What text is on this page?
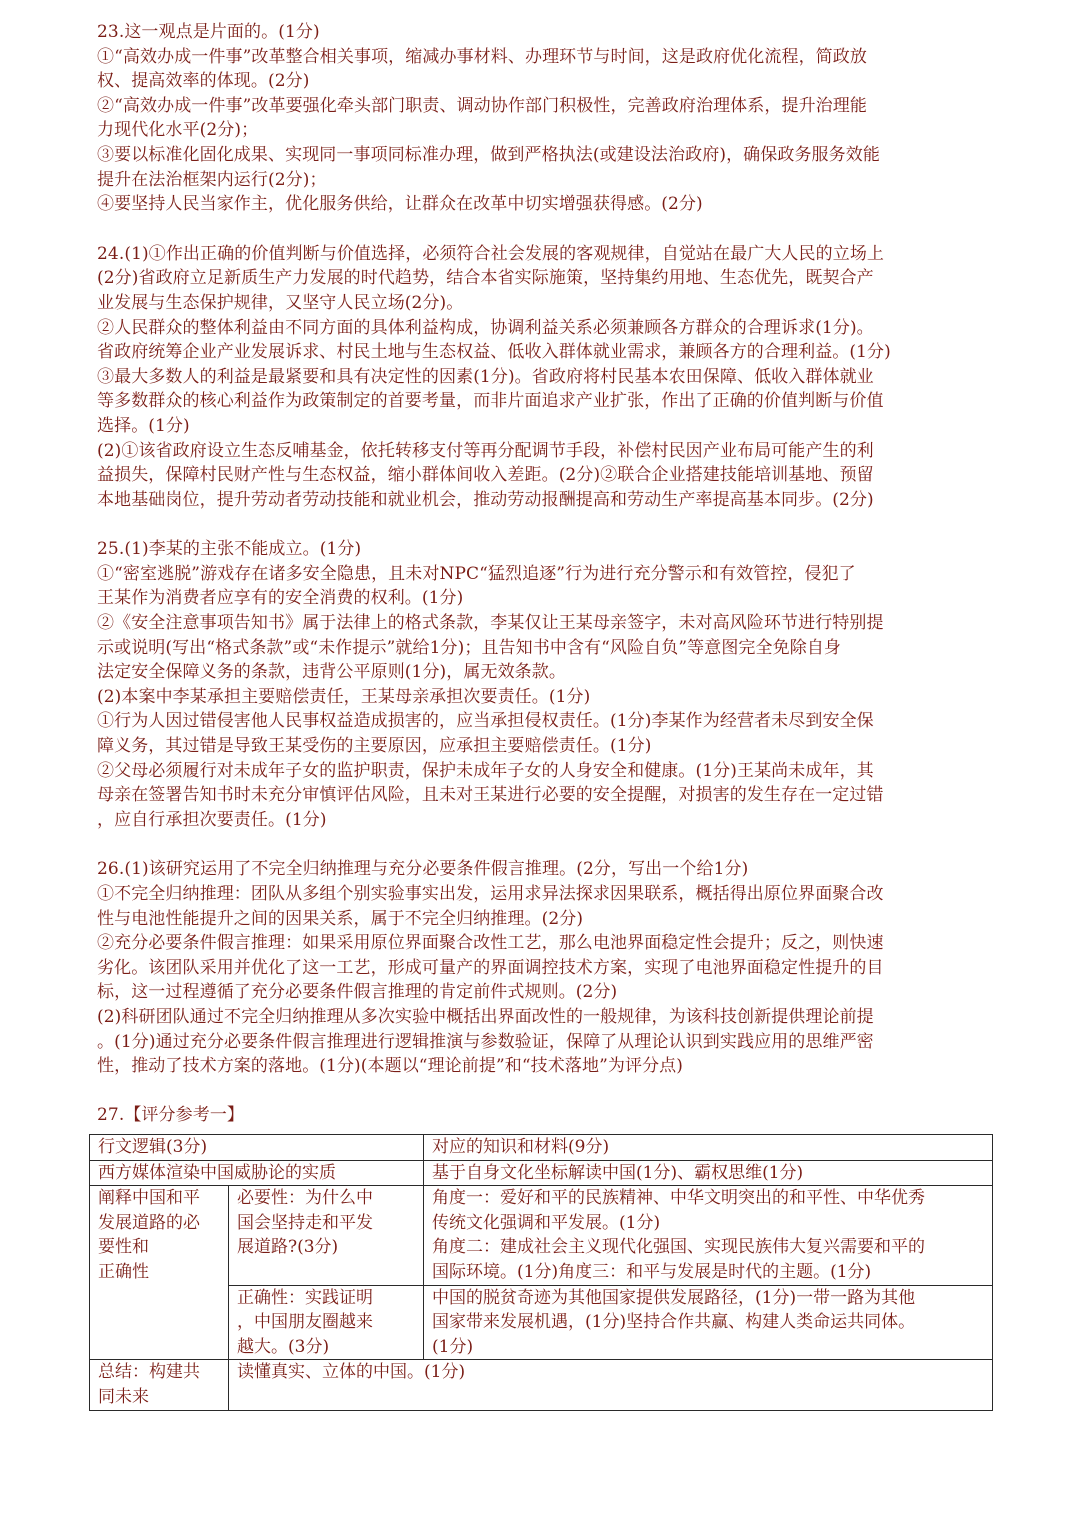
23.这一观点是片面的。(1分)
①“高效办成一件事”改革整合相关事项，缩减办事材料、办理环节与时间，这是政府优化流程，简政放
权、提高效率的体现。(2分)
②“高效办成一件事”改革要强化牵头部门职责、调动协作部门积极性，完善政府治理体系，提升治理能
力现代化水平(2分)；
③要以标准化固化成果、实现同一事项同标准办理，做到严格执法(或建设法治政府)，确保政务服务效能
提升在法治框架内运行(2分)；
④要坚持人民当家作主，优化服务供给，让群众在改革中切实增强获得感。(2分)
24.(1)①作出正确的价值判断与价值选择，必须符合社会发展的客观规律，自觉站在最广大人民的立场上
(2分)省政府立足新质生产力发展的时代趋势，结合本省实际施策，坚持集约用地、生态优先，既契合产
业发展与生态保护规律，又坚守人民立场(2分)。
②人民群众的整体利益由不同方面的具体利益构成，协调利益关系必须兼顾各方群众的合理诉求(1分)。
省政府统筹企业产业发展诉求、村民土地与生态权益、低收入群体就业需求，兼顾各方的合理利益。(1分)
③最大多数人的利益是最紧要和具有决定性的因素(1分)。省政府将村民基本农田保障、低收入群体就业
等多数群众的核心利益作为政策制定的首要考量，而非片面追求产业扩张，作出了正确的价值判断与价值
选择。(1分)
(2)①该省政府设立生态反哺基金，依托转移支付等再分配调节手段，补偿村民因产业布局可能产生的利
益损失，保障村民财产性与生态权益，缩小群体间收入差距。(2分)②联合企业搭建技能培训基地、预留
本地基础岗位，提升劳动者劳动技能和就业机会，推动劳动报酬提高和劳动生产率提高基本同步。(2分)
25.(1)李某的主张不能成立。(1分)
①“密室逃脱”游戏存在诸多安全隐患，且未对NPC“猛烈追逐”行为进行充分警示和有效管控，侵犯了
王某作为消费者应享有的安全消费的权利。(1分)
②《安全注意事项告知书》属于法律上的格式条款，李某仅让王某母亲签字，未对高风险环节进行特别提
示或说明(写出“格式条款”或“未作提示”就给1分)；且告知书中含有“风险自负”等意图完全免除自身
法定安全保障义务的条款，违背公平原则(1分)，属无效条款。
(2)本案中李某承担主要赔偿责任，王某母亲承担次要责任。(1分)
①行为人因过错侵害他人民事权益造成损害的，应当承担侵权责任。(1分)李某作为经营者未尽到安全保
障义务，其过错是导致王某受伤的主要原因，应承担主要赔偿责任。(1分)
②父母必须履行对未成年子女的监护职责，保护未成年子女的人身安全和健康。(1分)王某尚未成年，其
母亲在签署告知书时未充分审慎评估风险，且未对王某进行必要的安全提醒，对损害的发生存在一定过错
，应自行承担次要责任。(1分)
26.(1)该研究运用了不完全归纳推理与充分必要条件假言推理。(2分，写出一个给1分)
①不完全归纳推理：团队从多组个别实验事实出发，运用求异法探求因果联系，概括得出原位界面聚合改
性与电池性能提升之间的因果关系，属于不完全归纳推理。(2分)
②充分必要条件假言推理：如果采用原位界面聚合改性工艺，那么电池界面稳定性会提升；反之，则快速
劣化。该团队采用并优化了这一工艺，形成可量产的界面调控技术方案，实现了电池界面稳定性提升的目
标，这一过程遵循了充分必要条件假言推理的肯定前件式规则。(2分)
(2)科研团队通过不完全归纳推理从多次实验中概括出界面改性的一般规律，为该科技创新提供理论前提
。(1分)通过充分必要条件假言推理进行逻辑推演与参数验证，保障了从理论认识到实践应用的思维严密
性，推动了技术方案的落地。(1分)(本题以“理论前提”和“技术落地”为评分点)
27.【评分参考一】
行文逻辑(3分)		对应的知识和材料(9分)
西方媒体渲染中国威胁论的实质		基于自身文化坐标解读中国(1分)、霸权思维(1分)

阐释中国和平
发展道路的必
要性和
正确性	必要性：为什么中
国会坚持走和平发
展道路?(3分)	角度一：爱好和平的民族精神、中华文明突出的和平性、中华优秀
传统文化强调和平发展。(1分)
角度二：建成社会主义现代化强国、实现民族伟大复兴需要和平的
国际环境。(1分)角度三：和平与发展是时代的主题。(1分)

	正确性：实践证明
，中国朋友圈越来
越大。(3分)	中国的脱贫奇迹为其他国家提供发展路径，(1分)一带一路为其他
国家带来发展机遇，(1分)坚持合作共赢、构建人类命运共同体。
(1分)

总结：构建共
同未来	读懂真实、立体的中国。(1分)	
